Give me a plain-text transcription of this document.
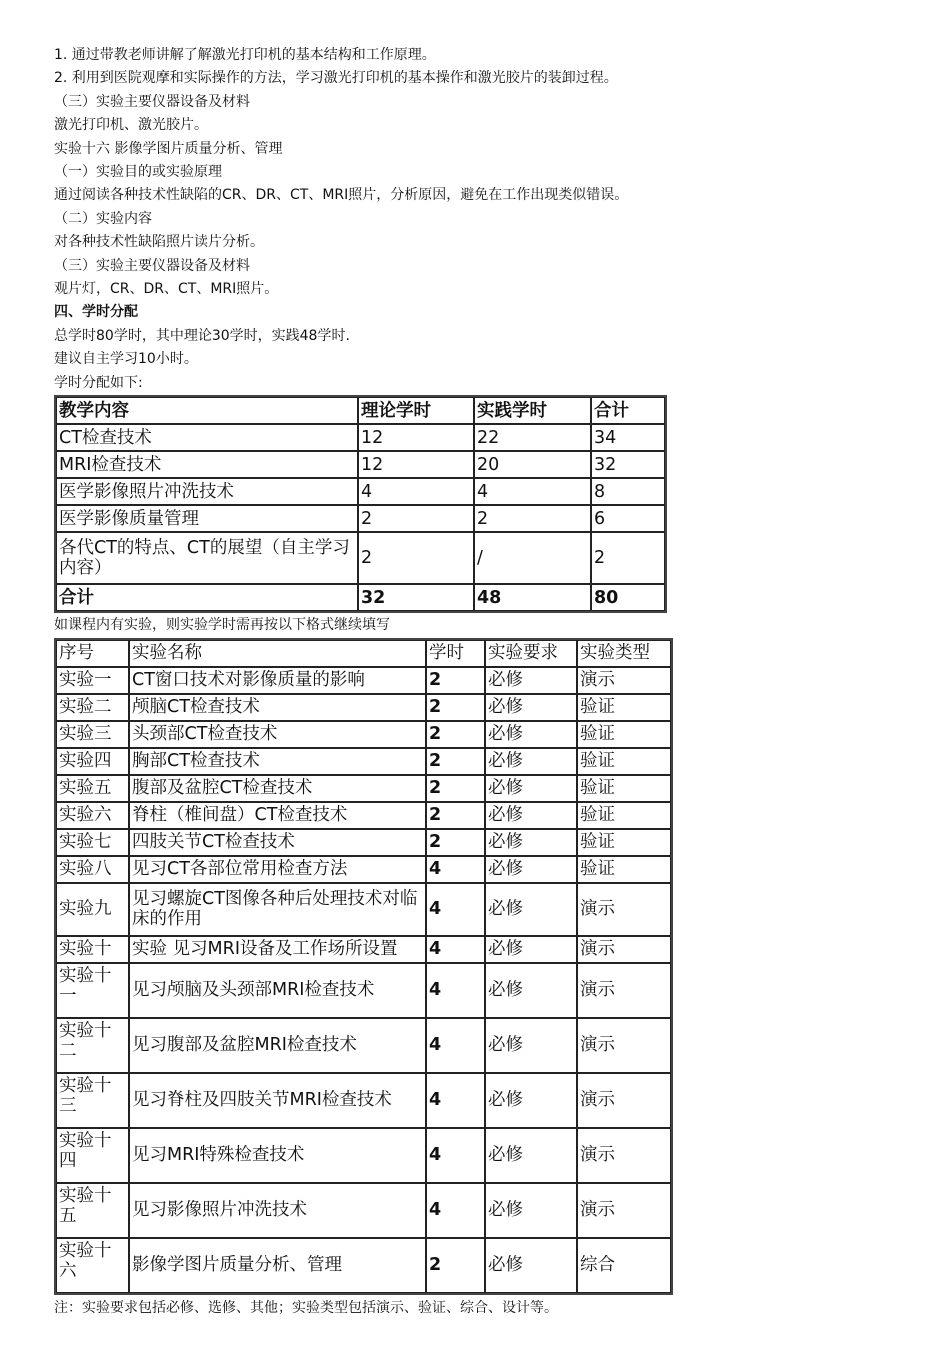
1. 通过带教老师讲解了解激光打印机的基本结构和工作原理。
2. 利用到医院观摩和实际操作的方法，学习激光打印机的基本操作和激光胶片的装卸过程。
（三）实验主要仪器设备及材料
激光打印机、激光胶片。
实验十六 影像学图片质量分析、管理
（一）实验目的或实验原理
通过阅读各种技术性缺陷的CR、DR、CT、MRI照片，分析原因，避免在工作出现类似错误。
（二）实验内容
对各种技术性缺陷照片读片分析。
（三）实验主要仪器设备及材料
观片灯，CR、DR、CT、MRI照片。
四、学时分配
总学时80学时，其中理论30学时，实践48学时.
建议自主学习10小时。
学时分配如下:
教学内容	理论学时	实践学时	合计
CT检查技术	12	22	34
MRI检查技术	12	20	32
医学影像照片冲洗技术	4	4	8
医学影像质量管理	2	2	6
各代CT的特点、CT的展望（自主学习内容）	2	/	2
合计	32	48	80
如课程内有实验，则实验学时需再按以下格式继续填写
序号	实验名称	学时	实验要求	实验类型
实验一	CT窗口技术对影像质量的影响	2	必修	演示
实验二	颅脑CT检查技术	2	必修	验证
实验三	头颈部CT检查技术	2	必修	验证
实验四	胸部CT检查技术	2	必修	验证
实验五	腹部及盆腔CT检查技术	2	必修	验证
实验六	脊柱（椎间盘）CT检查技术	2	必修	验证
实验七	四肢关节CT检查技术	2	必修	验证
实验八	见习CT各部位常用检查方法	4	必修	验证
实验九	见习螺旋CT图像各种后处理技术对临床的作用	4	必修	演示
实验十	实验 见习MRI设备及工作场所设置	4	必修	演示
实验十一	见习颅脑及头颈部MRI检查技术	4	必修	演示
实验十二	见习腹部及盆腔MRI检查技术	4	必修	演示
实验十三	见习脊柱及四肢关节MRI检查技术	4	必修	演示
实验十四	见习MRI特殊检查技术	4	必修	演示
实验十五	见习影像照片冲洗技术	4	必修	演示
实验十六	影像学图片质量分析、管理	2	必修	综合
注：实验要求包括必修、选修、其他；实验类型包括演示、验证、综合、设计等。
